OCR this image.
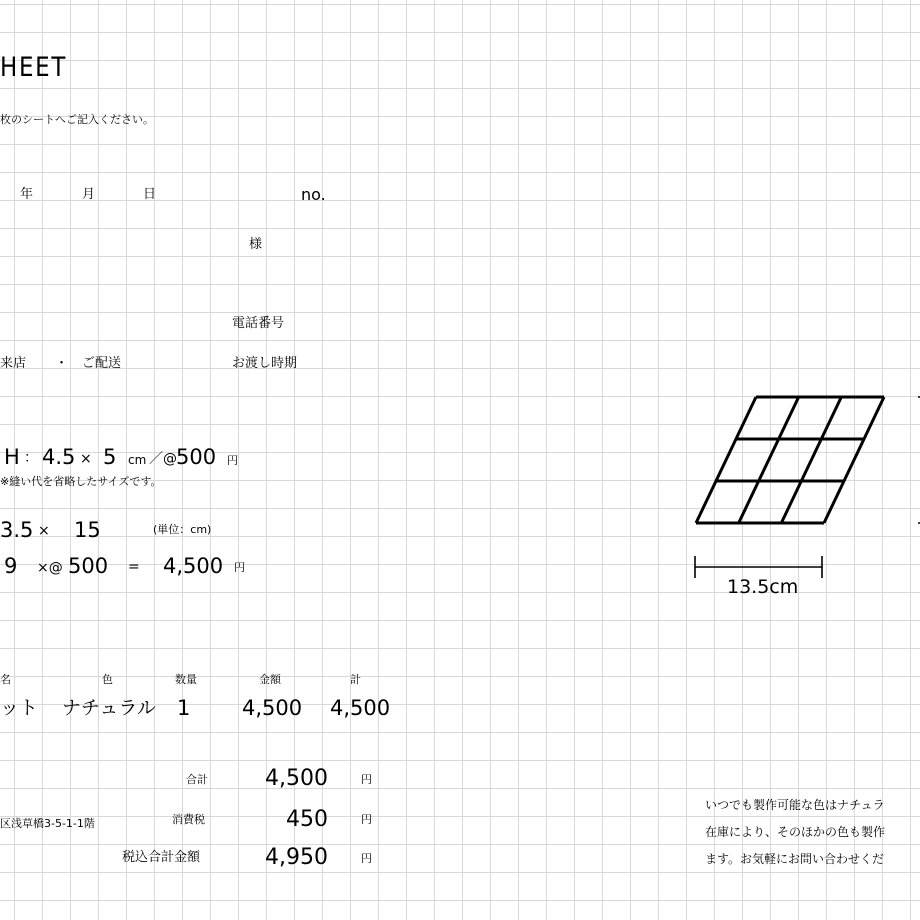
HEET
枚のシートへご記入ください。
年	月	日	no.
様
電話番号
来店 ・ ご配送	お渡し時期
H ： 4.5 × 5 cm ／@ 500 円
※縫い代を省略したサイズです。
3.5 × 15	(単位：cm)
9 ×@ 500 = 4,500 円
名	色	数量	金額	計
ット ナチュラル 1 4,500 4,500
合計	4,500	円
区浅草橋3-5-1-1階	消費税	450	円
税込合計金額	4,950	円
13.5cm
いつでも製作可能な色はナチュラ
在庫により、そのほかの色も製作
ます。お気軽にお問い合わせくだ
